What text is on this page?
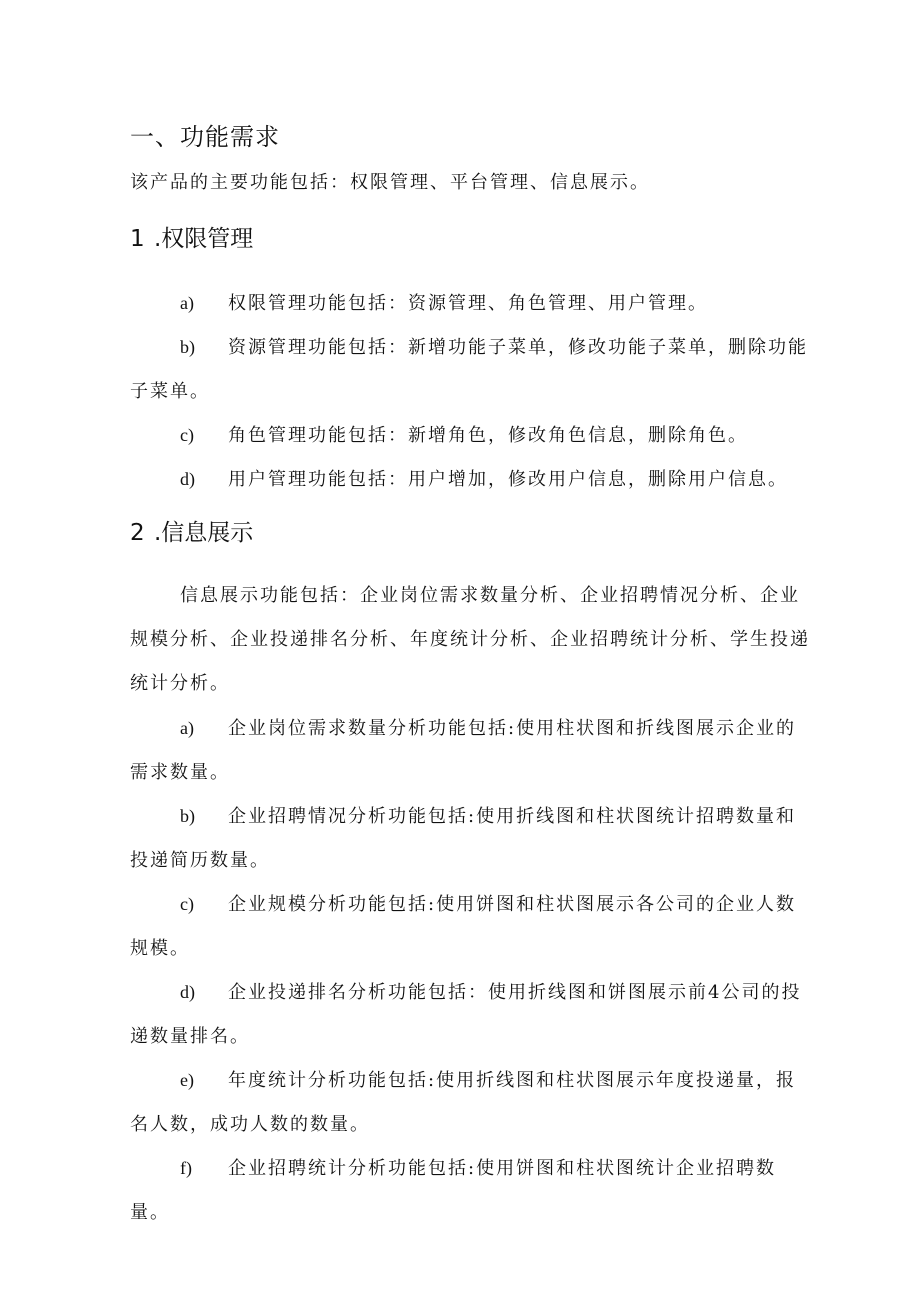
一、功能需求
该产品的主要功能包括：权限管理、平台管理、信息展示。
1 .权限管理
a) 权限管理功能包括：资源管理、角色管理、用户管理。
b) 资源管理功能包括：新增功能子菜单，修改功能子菜单，删除功能子菜单。
c) 角色管理功能包括：新增角色，修改角色信息，删除角色。
d) 用户管理功能包括：用户增加，修改用户信息，删除用户信息。
2 .信息展示
信息展示功能包括：企业岗位需求数量分析、企业招聘情况分析、企业规模分析、企业投递排名分析、年度统计分析、企业招聘统计分析、学生投递统计分析。
a) 企业岗位需求数量分析功能包括:使用柱状图和折线图展示企业的需求数量。
b) 企业招聘情况分析功能包括:使用折线图和柱状图统计招聘数量和投递简历数量。
c) 企业规模分析功能包括:使用饼图和柱状图展示各公司的企业人数规模。
d) 企业投递排名分析功能包括：使用折线图和饼图展示前4公司的投递数量排名。
e) 年度统计分析功能包括:使用折线图和柱状图展示年度投递量，报名人数，成功人数的数量。
f) 企业招聘统计分析功能包括:使用饼图和柱状图统计企业招聘数量。
